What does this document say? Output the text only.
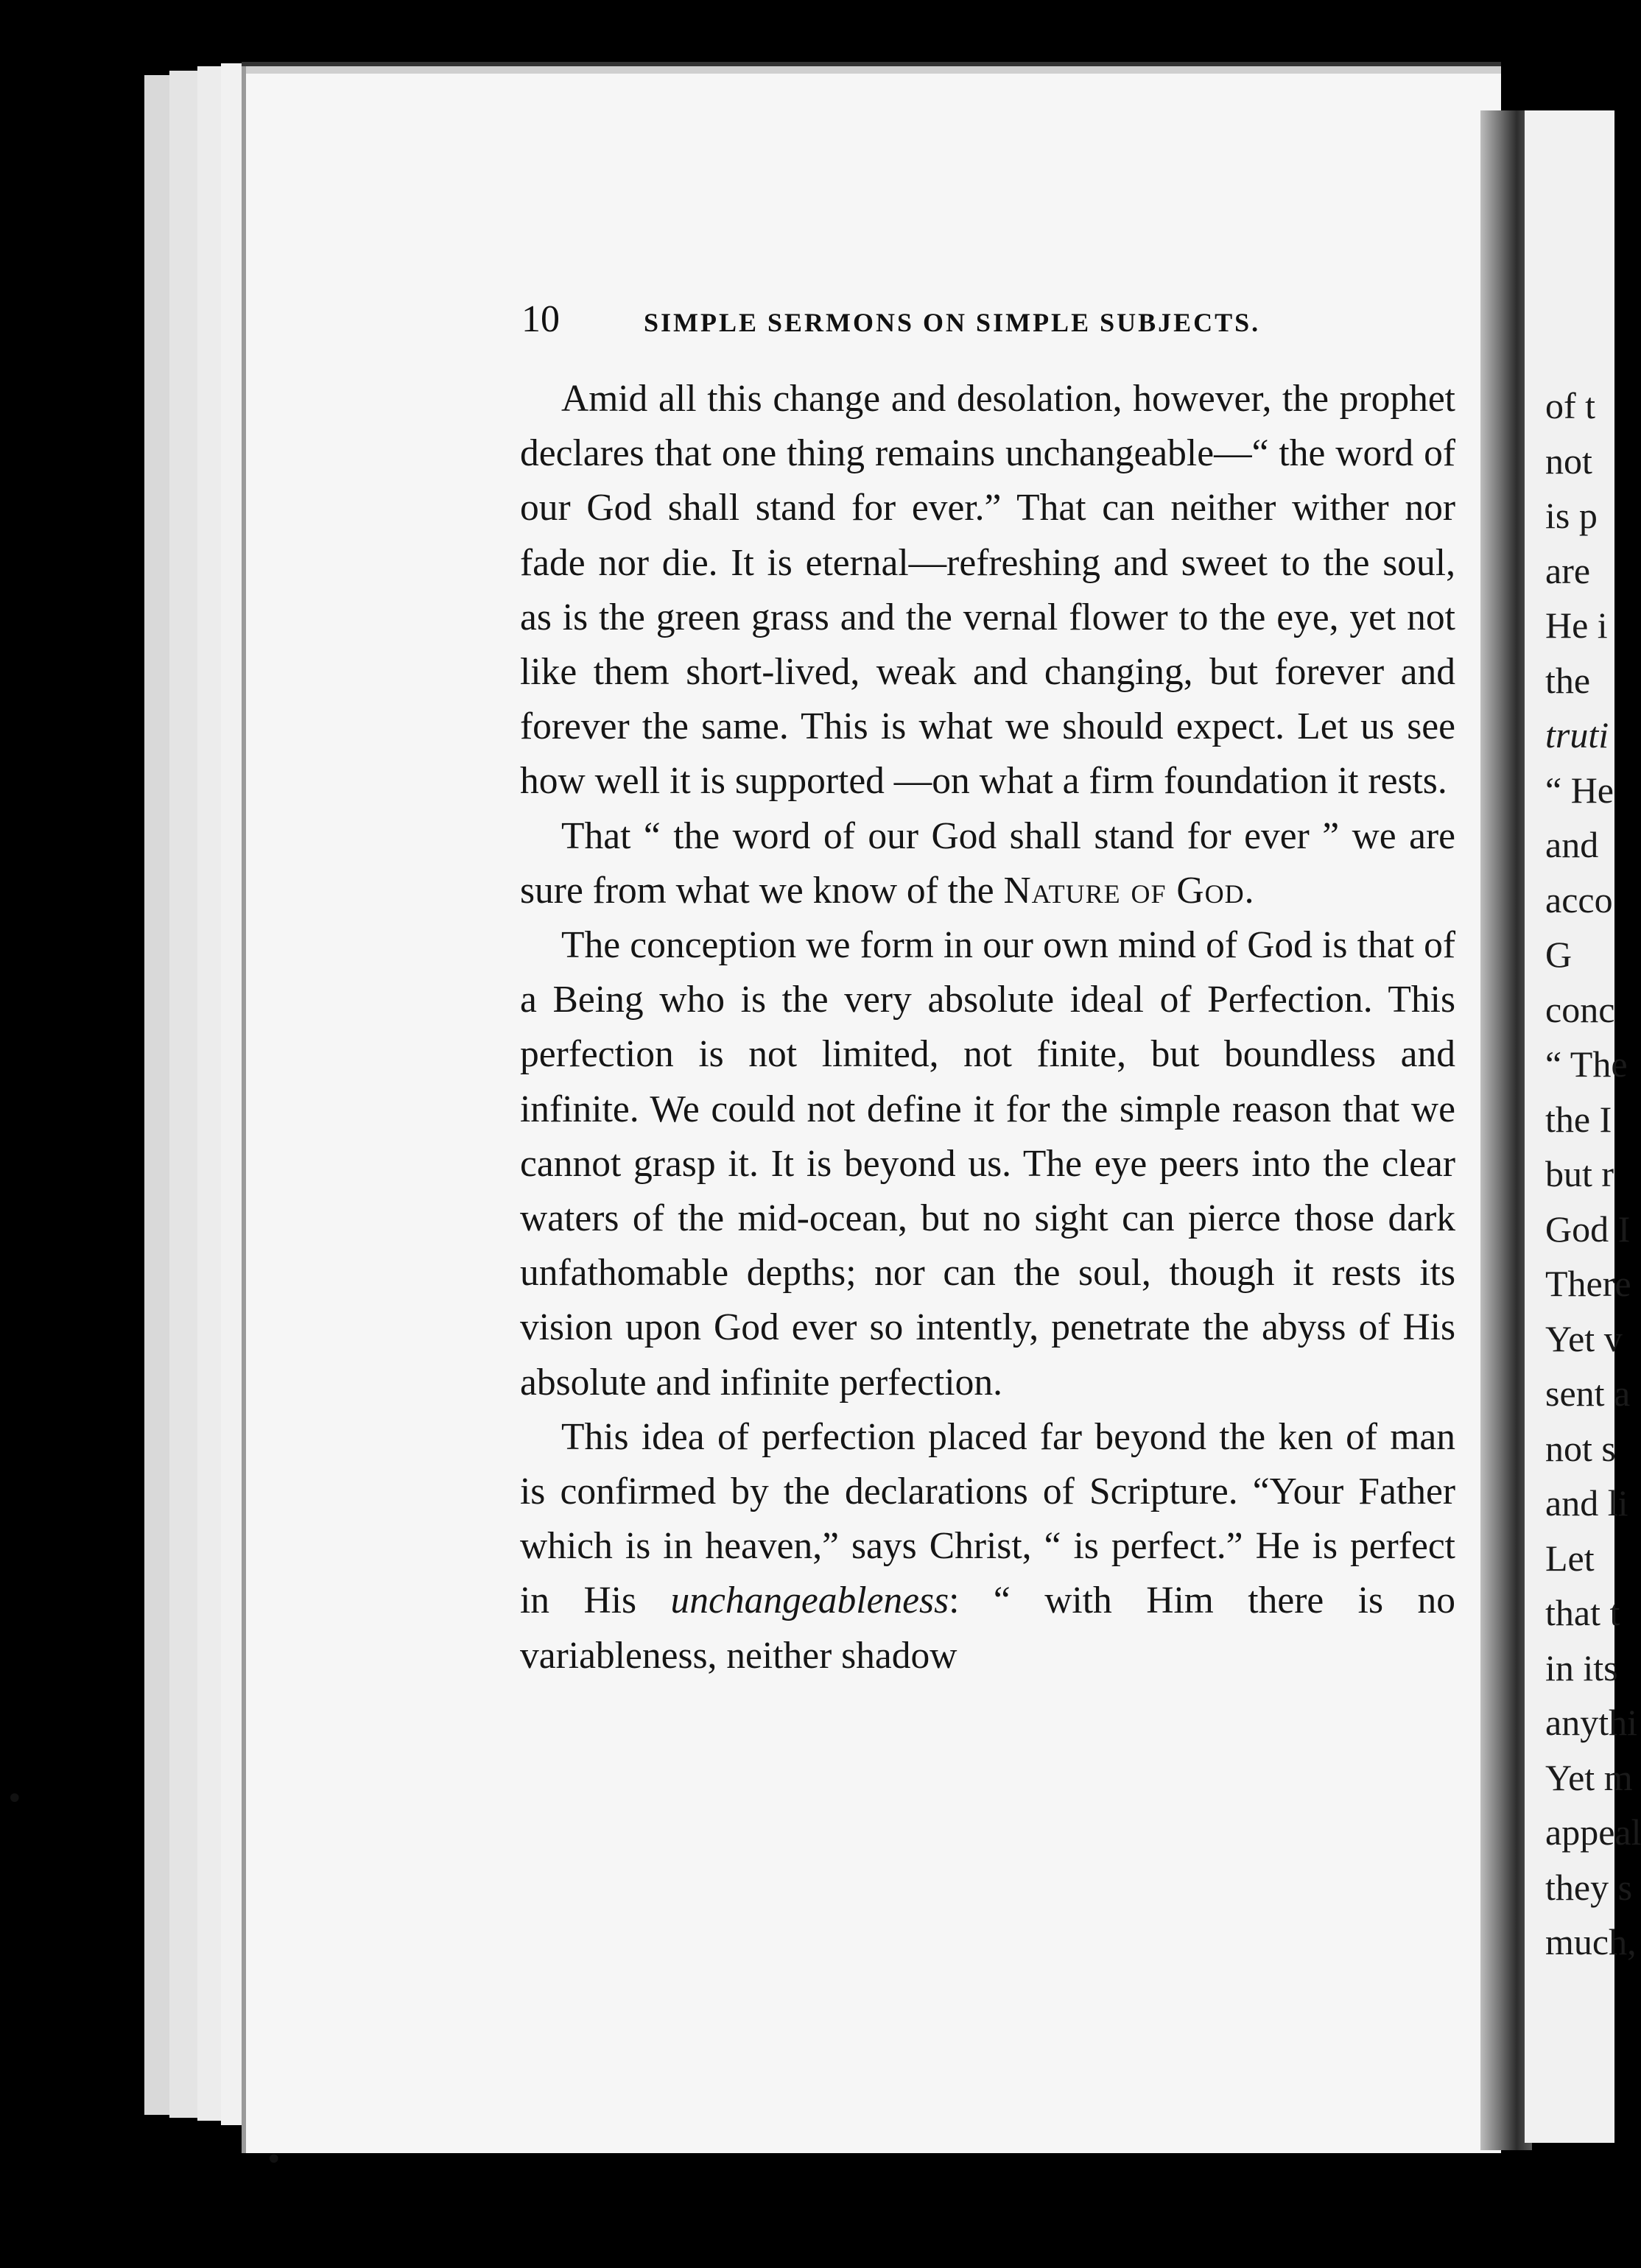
of t
not
is p
are
He i
the
truti
“ He
and
acco
G
conc
“ The
the I
but r
God I
There
Yet v
sent a
not s
and li
Let
that t
in its
anythi
Yet m
appeal
they s
much,
10	SIMPLE SERMONS ON SIMPLE SUBJECTS.

Amid all this change and desolation, however, the prophet declares that one thing remains unchangeable—“ the word of our God shall stand for ever.” That can neither wither nor fade nor die. It is eternal—refreshing and sweet to the soul, as is the green grass and the vernal flower to the eye, yet not like them short-lived, weak and changing, but forever and forever the same. This is what we should expect. Let us see how well it is supported —on what a firm foundation it rests.

That “ the word of our God shall stand for ever ” we are sure from what we know of the Nature of God.

The conception we form in our own mind of God is that of a Being who is the very absolute ideal of Perfection. This perfection is not limited, not finite, but boundless and infinite. We could not define it for the simple reason that we cannot grasp it. It is beyond us. The eye peers into the clear waters of the mid-ocean, but no sight can pierce those dark unfathomable depths; nor can the soul, though it rests its vision upon God ever so intently, penetrate the abyss of His absolute and infinite perfection.

This idea of perfection placed far beyond the ken of man is confirmed by the declarations of Scripture. “Your Father which is in heaven,” says Christ, “ is perfect.” He is perfect in His unchangeableness: “ with Him there is no variableness, neither shadow

•
•
